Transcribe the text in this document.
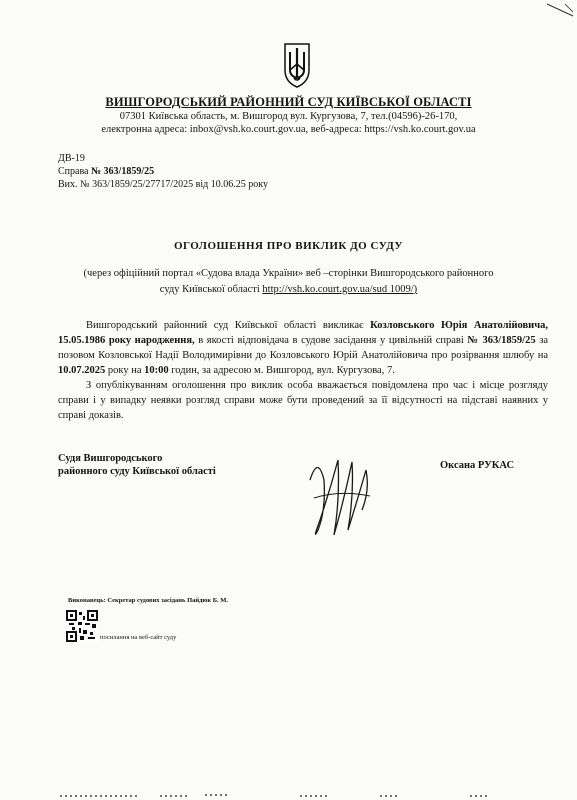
ВИШГОРОДСЬКИЙ РАЙОННИЙ СУД КИЇВСЬКОЇ ОБЛАСТІ
07301 Київська область, м. Вишгород вул. Кургузова, 7, тел.(04596)-26-170,
електронна адреса: inbox@vsh.ko.court.gov.ua, веб-адреса: https://vsh.ko.court.gov.ua
ДВ-19
Справа № 363/1859/25
Вих. № 363/1859/25/27717/2025 від 10.06.25 року
ОГОЛОШЕННЯ ПРО ВИКЛИК ДО СУДУ
(через офіційний портал «Судова влада України» веб –сторінки Вишгородського районного
суду Київської області http://vsh.ko.court.gov.ua/sud 1009/)

Вишгородський районний суд Київської області викликає Козловського Юрія Анатолійовича, 15.05.1986 року народження, в якості відповідача в судове засідання у цивільній справі № 363/1859/25 за позовом Козловської Надії Володимирівни до Козловського Юрій Анатолійовича про розірвання шлюбу на 10.07.2025 року на 10:00 годин, за адресою м. Вишгород, вул. Кургузова, 7.

З опублікуванням оголошення про виклик особа вважається повідомлена про час і місце розгляду справи і у випадку неявки розгляд справи може бути проведений за її відсутності на підставі наявних у справі доказів.

Судя Вишгородського
районного суду Київської області
Оксана РУКАС
Виконавець: Секретар судових засідань Пайдюк Б. М.
посилання на веб-сайт суду
